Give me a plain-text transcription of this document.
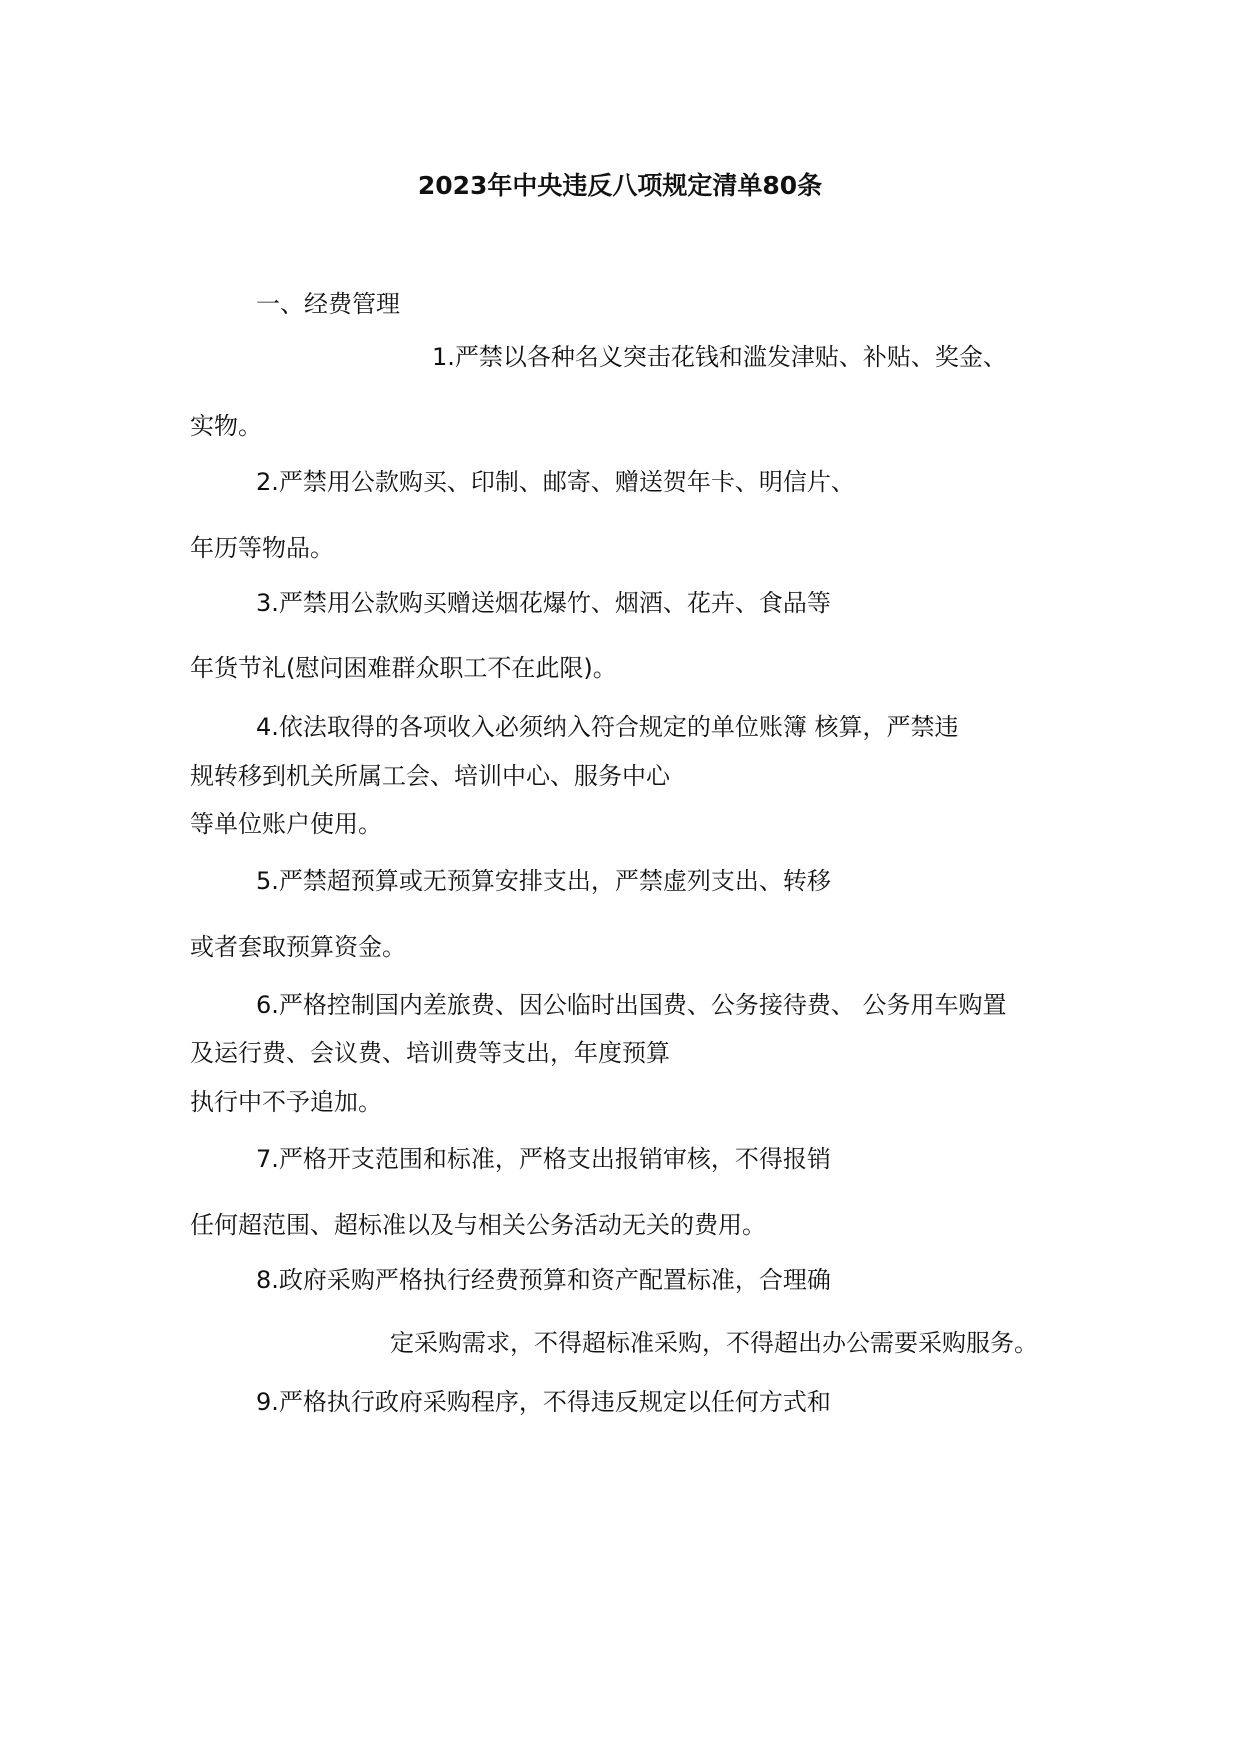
2023年中央违反八项规定清单80条
一、经费管理
1.严禁以各种名义突击花钱和滥发津贴、补贴、奖金、
实物。
2.严禁用公款购买、印制、邮寄、赠送贺年卡、明信片、
年历等物品。
3.严禁用公款购买赠送烟花爆竹、烟酒、花卉、食品等
年货节礼(慰问困难群众职工不在此限)。
4.依法取得的各项收入必须纳入符合规定的单位账簿 核算，严禁违
规转移到机关所属工会、培训中心、服务中心
等单位账户使用。
5.严禁超预算或无预算安排支出，严禁虚列支出、转移
或者套取预算资金。
6.严格控制国内差旅费、因公临时出国费、公务接待费、 公务用车购置
及运行费、会议费、培训费等支出，年度预算
执行中不予追加。
7.严格开支范围和标准，严格支出报销审核，不得报销
任何超范围、超标准以及与相关公务活动无关的费用。
8.政府采购严格执行经费预算和资产配置标准，合理确
定采购需求，不得超标准采购，不得超出办公需要采购服务。
9.严格执行政府采购程序，不得违反规定以任何方式和
